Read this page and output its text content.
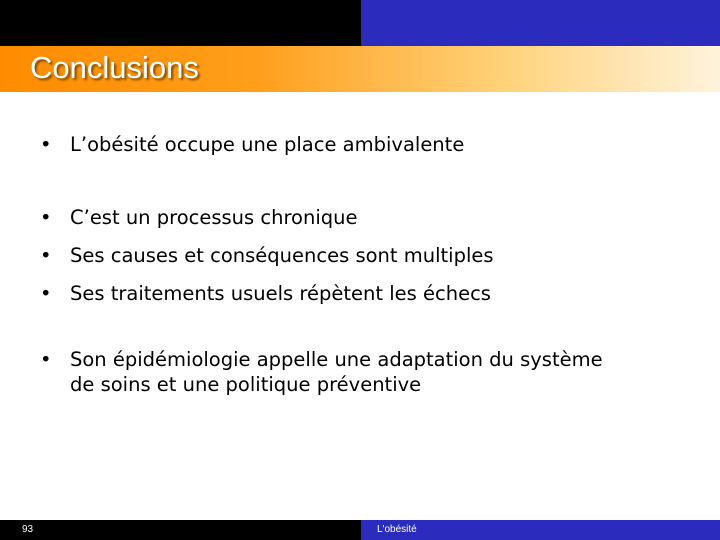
Conclusions
• L’obésité occupe une place ambivalente
• C’est un processus chronique
• Ses causes et conséquences sont multiples
• Ses traitements usuels répètent les échecs
• Son épidémiologie appelle une adaptation du système de soins et une politique préventive
93	L'obésité
